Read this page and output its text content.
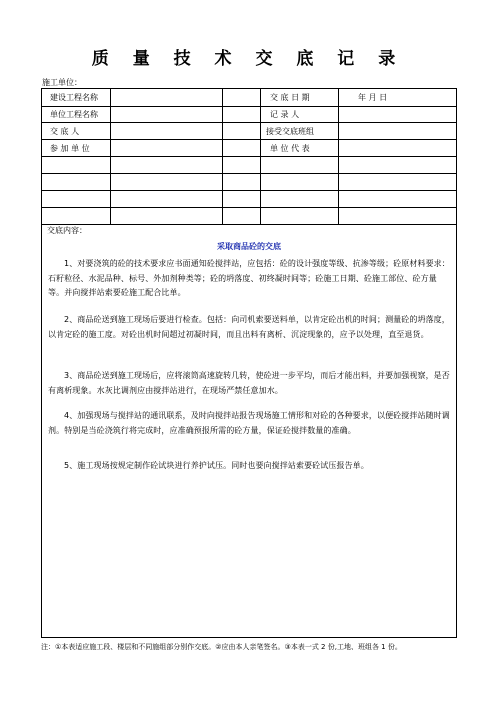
质 量 技 术 交 底 记 录
施工单位：
建设工程名称	交 底 日 期	年 月 日
单位工程名称	记 录 人
交 底 人	接受交底班组
参 加 单 位	单 位 代 表
交底内容：
采取商品砼的交底
1、对要浇筑的砼的技术要求应书面通知砼搅拌站，应包括：砼的设计强度等级、抗渗等级；砼原材料要求：石籽粒径、水泥品种、标号、外加剂种类等；砼的坍落度、初终凝时间等；砼施工日期、砼施工部位、砼方量等。并向搅拌站索要砼施工配合比单。
2、商品砼送到施工现场后要进行检查。包括：向司机索要送料单，以肯定砼出机的时间；测量砼的坍落度，以肯定砼的施工度。对砼出机时间超过初凝时间，而且出料有离析、沉淀现象的，应予以处理，直至退货。
3、商品砼送到施工现场后，应将滚筒高速旋转几转，使砼进一步平均，而后才能出料，并要加强视察，是否有离析现象。水灰比调剂应由搅拌站进行，在现场严禁任意加水。
4、加强现场与搅拌站的通讯联系，及时向搅拌站报告现场施工情形和对砼的各种要求，以便砼搅拌站随时调剂。特别是当砼浇筑行将完成时，应准确预报所需的砼方量，保证砼搅拌数量的准确。
5、施工现场按规定制作砼试块进行养护试压。同时也要向搅拌站索要砼试压报告单。
注：①本表适应施工段、楼层和不同施组部分别作交底。②应由本人亲笔签名。③本表一式 2 份,工地、班组各 1 份。
